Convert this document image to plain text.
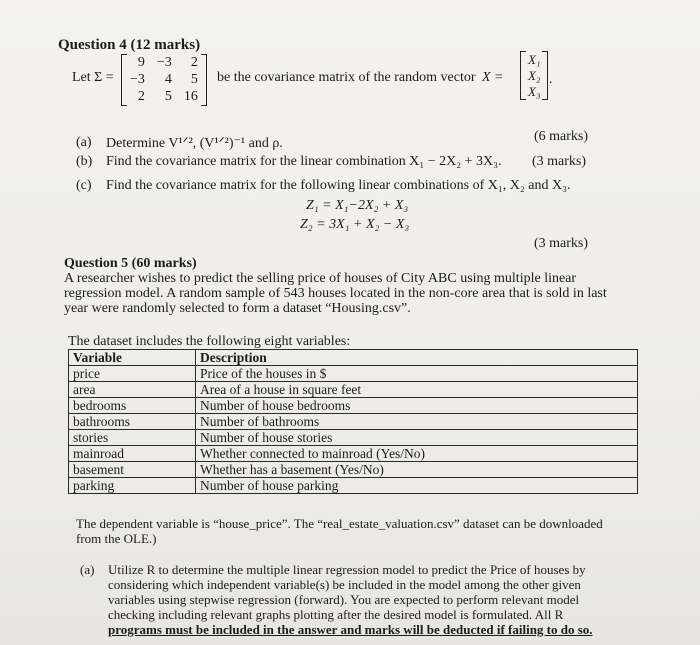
Question 4 (12 marks)
Let Σ =
9 −3	2
−3	4	5
2	5 16
be the covariance matrix of the random vector X =
X₁
X₂
X₃
.
(a) Determine V¹ᐟ², (V¹ᐟ²)⁻¹ and ρ.	(6 marks)
(b) Find the covariance matrix for the linear combination X₁ − 2X₂ + 3X₃. (3 marks)
(c) Find the covariance matrix for the following linear combinations of X₁, X₂ and X₃.
Z₁ = X₁−2X₂ + X₃
Z₂ = 3X₁ + X₂ − X₃
(3 marks)
Question 5 (60 marks)
A researcher wishes to predict the selling price of houses of City ABC using multiple linear
regression model. A random sample of 543 houses located in the non-core area that is sold in last
year were randomly selected to form a dataset “Housing.csv”.
The dataset includes the following eight variables:
Variable	Description
price	Price of the houses in $
area	Area of a house in square feet
bedrooms	Number of house bedrooms
bathrooms	Number of bathrooms
stories	Number of house stories
mainroad	Whether connected to mainroad (Yes/No)
basement	Whether has a basement (Yes/No)
parking	Number of house parking
The dependent variable is “house_price”. The “real_estate_valuation.csv” dataset can be downloaded
from the OLE.)
(a) Utilize R to determine the multiple linear regression model to predict the Price of houses by
considering which independent variable(s) be included in the model among the other given
variables using stepwise regression (forward). You are expected to perform relevant model
checking including relevant graphs plotting after the desired model is formulated. All R
programs must be included in the answer and marks will be deducted if failing to do so.
